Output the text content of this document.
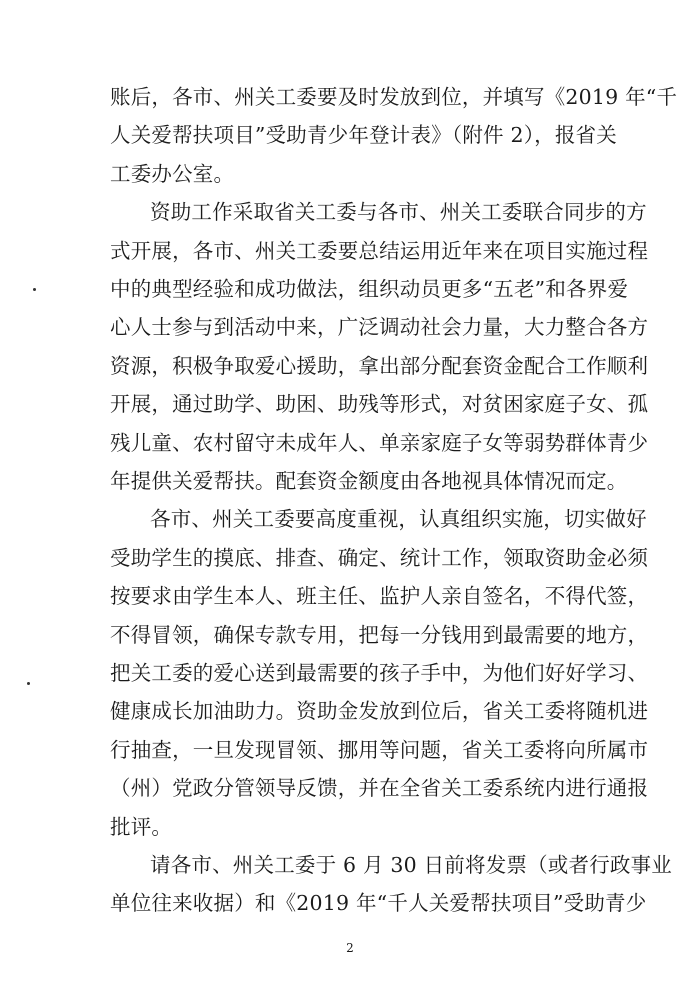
账后，各市、州关工委要及时发放到位，并填写《2019 年“千
人关爱帮扶项目”受助青少年登计表》（附件 2），报省关
工委办公室。
资助工作采取省关工委与各市、州关工委联合同步的方
式开展，各市、州关工委要总结运用近年来在项目实施过程
中的典型经验和成功做法，组织动员更多“五老”和各界爱
心人士参与到活动中来，广泛调动社会力量，大力整合各方
资源，积极争取爱心援助，拿出部分配套资金配合工作顺利
开展，通过助学、助困、助残等形式，对贫困家庭子女、孤
残儿童、农村留守未成年人、单亲家庭子女等弱势群体青少
年提供关爱帮扶。配套资金额度由各地视具体情况而定。
各市、州关工委要高度重视，认真组织实施，切实做好
受助学生的摸底、排查、确定、统计工作，领取资助金必须
按要求由学生本人、班主任、监护人亲自签名，不得代签，
不得冒领，确保专款专用，把每一分钱用到最需要的地方，
把关工委的爱心送到最需要的孩子手中，为他们好好学习、
健康成长加油助力。资助金发放到位后，省关工委将随机进
行抽查，一旦发现冒领、挪用等问题，省关工委将向所属市
（州）党政分管领导反馈，并在全省关工委系统内进行通报
批评。
请各市、州关工委于 6 月 30 日前将发票（或者行政事业
单位往来收据）和《2019 年“千人关爱帮扶项目”受助青少
2
